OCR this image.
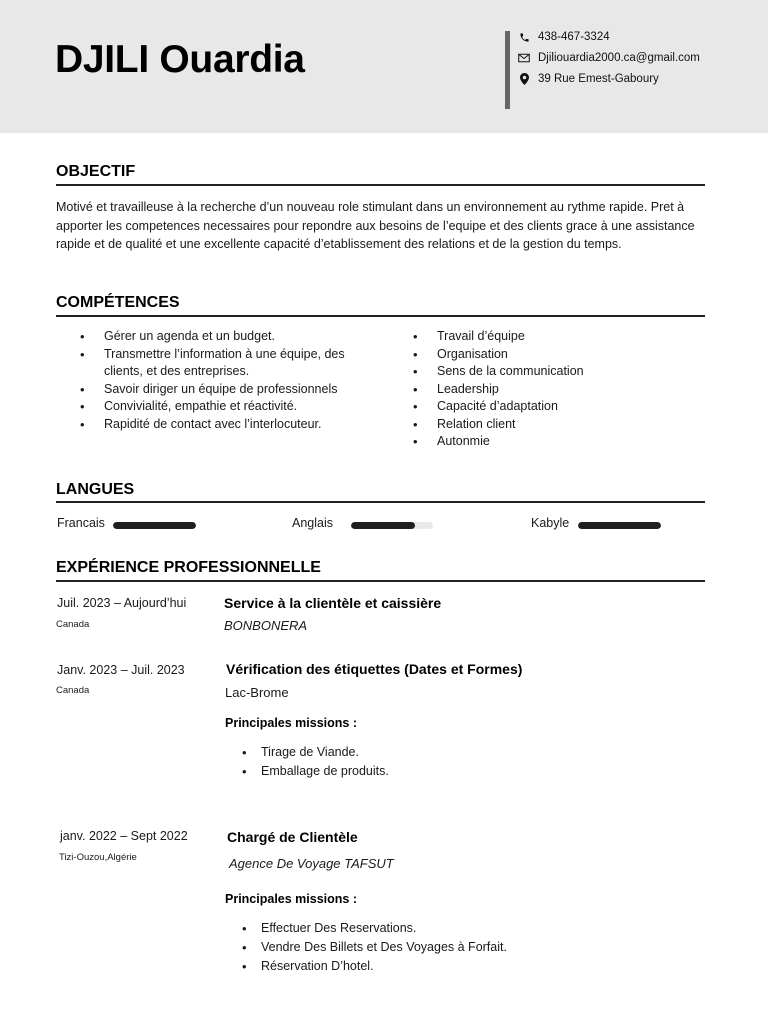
DJILI Ouardia
438-467-3324
Djiliouardia2000.ca@gmail.com
39 Rue Emest-Gaboury
OBJECTIF

Motivé et travailleuse à la recherche d’un nouveau role stimulant dans un environnement au rythme rapide. Pret à apporter les competences necessaires pour repondre aux besoins de l’equipe et des clients grace à une assistance rapide et de qualité et une excellente capacité d’etablissement des relations et de la gestion du temps.

COMPÉTENCES
• Gérer un agenda et un budget.
• Transmettre l’information à une équipe, des clients, et des entreprises.
• Savoir diriger un équipe de professionnels
• Convivialité, empathie et réactivité.
• Rapidité de contact avec l’interlocuteur.
• Travail d’équipe
• Organisation
• Sens de la communication
• Leadership
• Capacité d’adaptation
• Relation client
• Autonmie
LANGUES
Francais	Anglais	Kabyle
EXPÉRIENCE PROFESSIONNELLE
Juil. 2023 – Aujourd’hui
Canada
Service à la clientèle et caissière
BONBONERA
Janv. 2023 – Juil. 2023
Canada
Vérification des étiquettes (Dates et Formes)
Lac-Brome
Principales missions :
• Tirage de Viande.
• Emballage de produits.
janv. 2022 – Sept 2022
Tizi-Ouzou,Algérie
Chargé de Clientèle
Agence De Voyage TAFSUT
Principales missions :
• Effectuer Des Reservations.
• Vendre Des Billets et Des Voyages à Forfait.
• Réservation D’hotel.
